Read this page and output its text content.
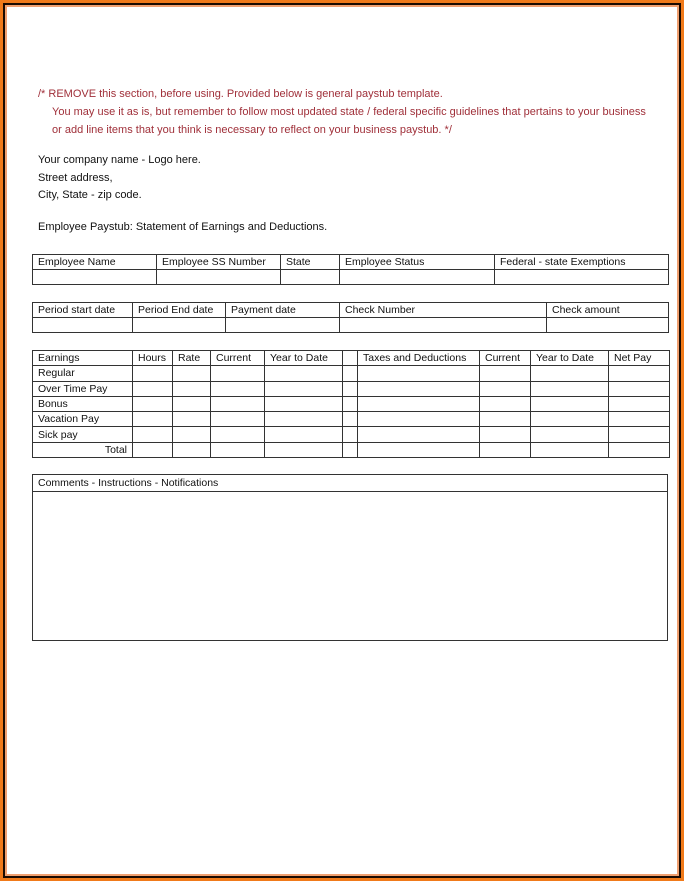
/* REMOVE this section, before using. Provided below is general paystub template.
You may use it as is, but remember to follow most updated state / federal specific guidelines that pertains to your business
or add line items that you think is necessary to reflect on your business paystub. */
Your company name - Logo here.
Street address,
City, State - zip code.
Employee Paystub: Statement of Earnings and Deductions.
Employee Name	Employee SS Number	State	Employee Status	Federal - state Exemptions

Period start date	Period End date	Payment date	Check Number	Check amount

Earnings	Hours	Rate	Current	Year to Date		Taxes and Deductions	Current	Year to Date	Net Pay
Regular									
Over Time Pay									
Bonus									
Vacation Pay									
Sick pay									
Total									
Comments - Instructions - Notifications
